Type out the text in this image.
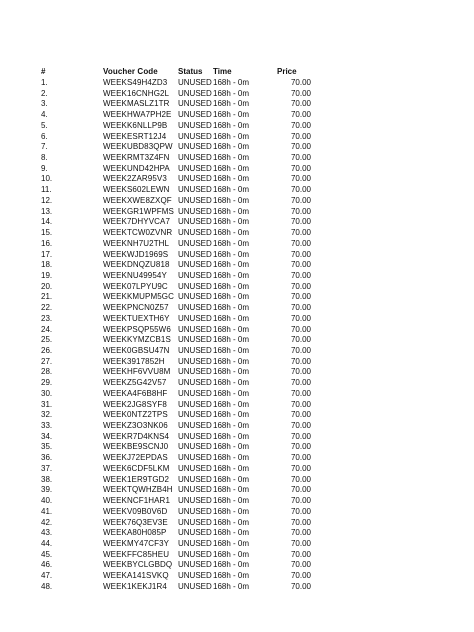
#	Voucher Code	Status Time	Price
1.	WEEKS49H4ZD3 UNUSED 168h - 0m	70.00
2.	WEEK16CNHG2L UNUSED 168h - 0m	70.00
3.	WEEKMASLZ1TR UNUSED 168h - 0m	70.00
4.	WEEKHWA7PH2E UNUSED 168h - 0m	70.00
5.	WEEKK6NLLP9B UNUSED 168h - 0m	70.00
6.	WEEKESRT12J4 UNUSED 168h - 0m	70.00
7.	WEEKUBD83QPW UNUSED 168h - 0m	70.00
8.	WEEKRMT3Z4FN UNUSED 168h - 0m	70.00
9.	WEEKUND42HPA UNUSED 168h - 0m	70.00
10.	WEEK2ZAR95V3 UNUSED 168h - 0m	70.00
11.	WEEKS602LEWN UNUSED 168h - 0m	70.00
12.	WEEKXWE8ZXQF UNUSED 168h - 0m	70.00
13.	WEEKGR1WPFMS UNUSED 168h - 0m	70.00
14.	WEEK7DHYVCA7 UNUSED 168h - 0m	70.00
15.	WEEKTCW0ZVNR UNUSED 168h - 0m	70.00
16.	WEEKNH7U2THL UNUSED 168h - 0m	70.00
17.	WEEKWJD1969S UNUSED 168h - 0m	70.00
18.	WEEKDNQZU818 UNUSED 168h - 0m	70.00
19.	WEEKNU49954Y UNUSED 168h - 0m	70.00
20.	WEEK07LPYU9C UNUSED 168h - 0m	70.00
21.	WEEKKMUPM5GC UNUSED 168h - 0m	70.00
22.	WEEKPNCN0Z57 UNUSED 168h - 0m	70.00
23.	WEEKTUEXTH6Y UNUSED 168h - 0m	70.00
24.	WEEKPSQP55W6 UNUSED 168h - 0m	70.00
25.	WEEKKYMZCB1S UNUSED 168h - 0m	70.00
26.	WEEK0GBSU47N UNUSED 168h - 0m	70.00
27.	WEEK3917852H UNUSED 168h - 0m	70.00
28.	WEEKHF6VVU8M UNUSED 168h - 0m	70.00
29.	WEEKZ5G42V57 UNUSED 168h - 0m	70.00
30.	WEEKA4F6B8HF UNUSED 168h - 0m	70.00
31.	WEEK2JG8SYF8 UNUSED 168h - 0m	70.00
32.	WEEK0NTZ2TPS UNUSED 168h - 0m	70.00
33.	WEEKZ3O3NK06 UNUSED 168h - 0m	70.00
34.	WEEKR7D4KNS4 UNUSED 168h - 0m	70.00
35.	WEEKBE9SCNJ0 UNUSED 168h - 0m	70.00
36.	WEEKJ72EPDAS UNUSED 168h - 0m	70.00
37.	WEEK6CDF5LKM UNUSED 168h - 0m	70.00
38.	WEEK1ER9TGD2 UNUSED 168h - 0m	70.00
39.	WEEKTQWHZB4H UNUSED 168h - 0m	70.00
40.	WEEKNCF1HAR1 UNUSED 168h - 0m	70.00
41.	WEEKV09B0V6D UNUSED 168h - 0m	70.00
42.	WEEK76Q3EV3E UNUSED 168h - 0m	70.00
43.	WEEKA80H085P UNUSED 168h - 0m	70.00
44.	WEEKMY47CF3Y UNUSED 168h - 0m	70.00
45.	WEEKFFC85HEU UNUSED 168h - 0m	70.00
46.	WEEKBYCLGBDQ UNUSED 168h - 0m	70.00
47.	WEEKA141SVKQ UNUSED 168h - 0m	70.00
48.	WEEK1KEKJ1R4 UNUSED 168h - 0m	70.00
